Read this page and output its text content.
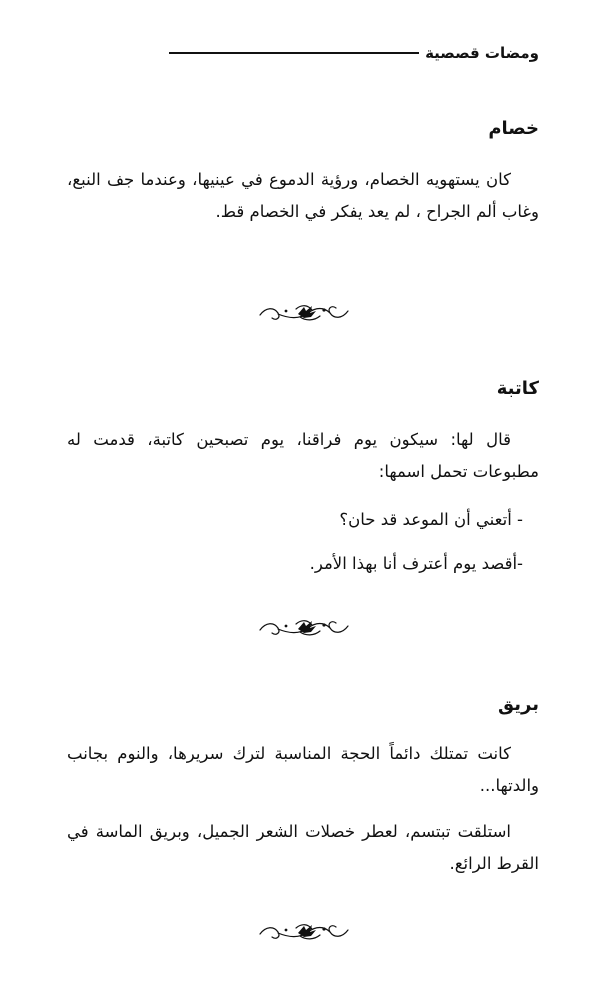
ومضات قصصية
خصام

كان يستهويه الخصام، ورؤية الدموع في عينيها، وعندما جف النبع، وغاب ألم الجراح ، لم يعد يفكر في الخصام قط.

كاتبة

قال لها: سيكون يوم فراقنا، يوم تصبحين كاتبة، قدمت له مطبوعات تحمل اسمها:

- أتعني أن الموعد قد حان؟

-أقصد يوم أعترف أنا بهذا الأمر.

بريق

كانت تمتلك دائماً الحجة المناسبة لترك سريرها، والنوم بجانب والدتها...

استلقت تبتسم، لعطر خصلات الشعر الجميل، وبريق الماسة في القرط الرائع.
